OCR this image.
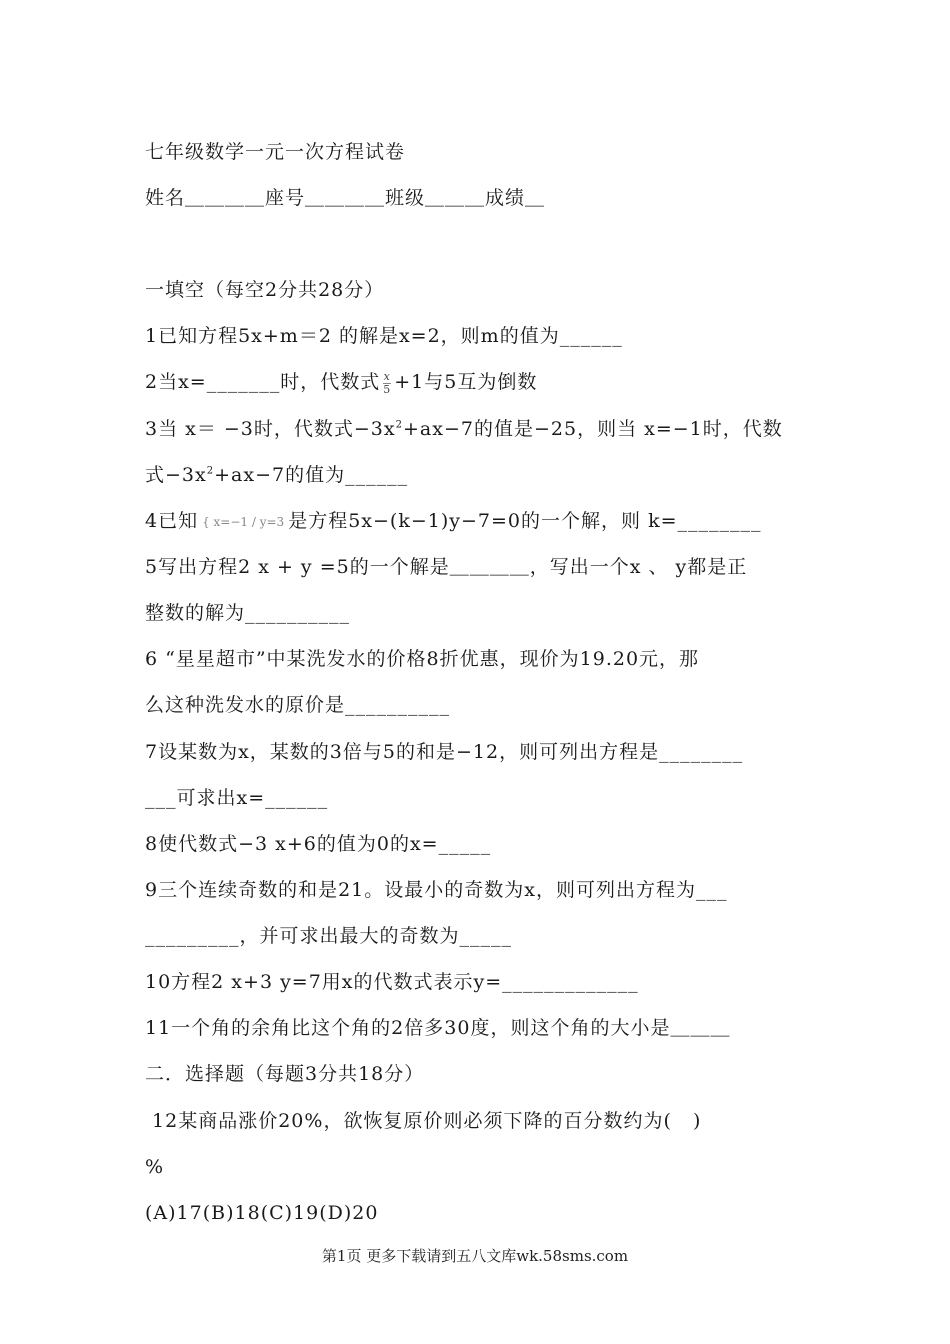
七年级数学一元一次方程试卷
姓名＿＿＿＿座号＿＿＿＿班级＿＿＿成绩＿
一填空（每空2分共28分）
1已知方程5x+m＝2 的解是x=2，则m的值为______
2当x=_______时，代数式 $\frac{x}{5} +1$与5互为倒数
3当 x＝ −3时，代数式$-3x^2+ax-7$的值是−25，则当 x=−1时，代数
式$-3x^2+ax-7$的值为______
4已知 { x=−1 / y=3 是方程5x−(k−1)y−7=0的一个解，则 k=________
5写出方程2 x + y =5的一个解是＿＿＿＿，写出一个x 、 y都是正
整数的解为__________
6 “星星超市”中某洗发水的价格8折优惠，现价为19.20元，那
么这种洗发水的原价是__________
7设某数为x，某数的3倍与5的和是−12，则可列出方程是________
___可求出x=______
8使代数式−3 x+6的值为0的x=_____
9三个连续奇数的和是21。设最小的奇数为x，则可列出方程为___
_________，并可求出最大的奇数为_____
10方程2 x+3 y=7用x的代数式表示y=_____________
11一个角的余角比这个角的2倍多30度，则这个角的大小是＿＿＿
二．选择题（每题3分共18分）
12某商品涨价20%，欲恢复原价则必须下降的百分数约为(   )
%
(A)17(B)18(C)19(D)20
第1页 更多下载请到五八文库wk.58sms.com
